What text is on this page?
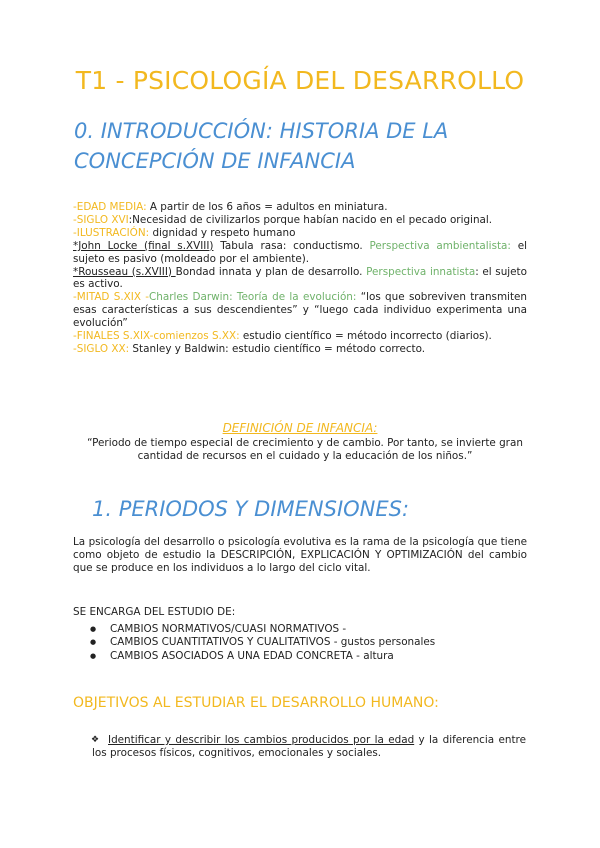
T1 - PSICOLOGÍA DEL DESARROLLO
0. INTRODUCCIÓN: HISTORIA DE LA
CONCEPCIÓN DE INFANCIA

-EDAD MEDIA: A partir de los 6 años = adultos en miniatura.

-SIGLO XVI:Necesidad de civilizarlos porque habían nacido en el pecado original.

-ILUSTRACIÓN: dignidad y respeto humano

*John Locke (final s.XVIII) Tabula rasa: conductismo. Perspectiva ambientalista: el sujeto es pasivo (moldeado por el ambiente).

*Rousseau (s.XVIII) Bondad innata y plan de desarrollo. Perspectiva innatista: el sujeto es activo.

-MITAD S.XIX -Charles Darwin: Teoría de la evolución: “los que sobreviven transmiten esas características a sus descendientes” y “luego cada individuo experimenta una evolución”

-FINALES S.XIX-comienzos S.XX: estudio científico = método incorrecto (diarios).

-SIGLO XX: Stanley y Baldwin: estudio científico = método correcto.

DEFINICIÓN DE INFANCIA:
“Periodo de tiempo especial de crecimiento y de cambio. Por tanto, se invierte gran cantidad de recursos en el cuidado y la educación de los niños.”
1. PERIODOS Y DIMENSIONES:

La psicología del desarrollo o psicología evolutiva es la rama de la psicología que tiene como objeto de estudio la DESCRIPCIÓN, EXPLICACIÓN Y OPTIMIZACIÓN del cambio que se produce en los individuos a lo largo del ciclo vital.

SE ENCARGA DEL ESTUDIO DE:
● CAMBIOS NORMATIVOS/CUASI NORMATIVOS -
● CAMBIOS CUANTITATIVOS Y CUALITATIVOS - gustos personales
● CAMBIOS ASOCIADOS A UNA EDAD CONCRETA - altura
OBJETIVOS AL ESTUDIAR EL DESARROLLO HUMANO:
❖ Identificar y describir los cambios producidos por la edad y la diferencia entre los procesos físicos, cognitivos, emocionales y sociales.
